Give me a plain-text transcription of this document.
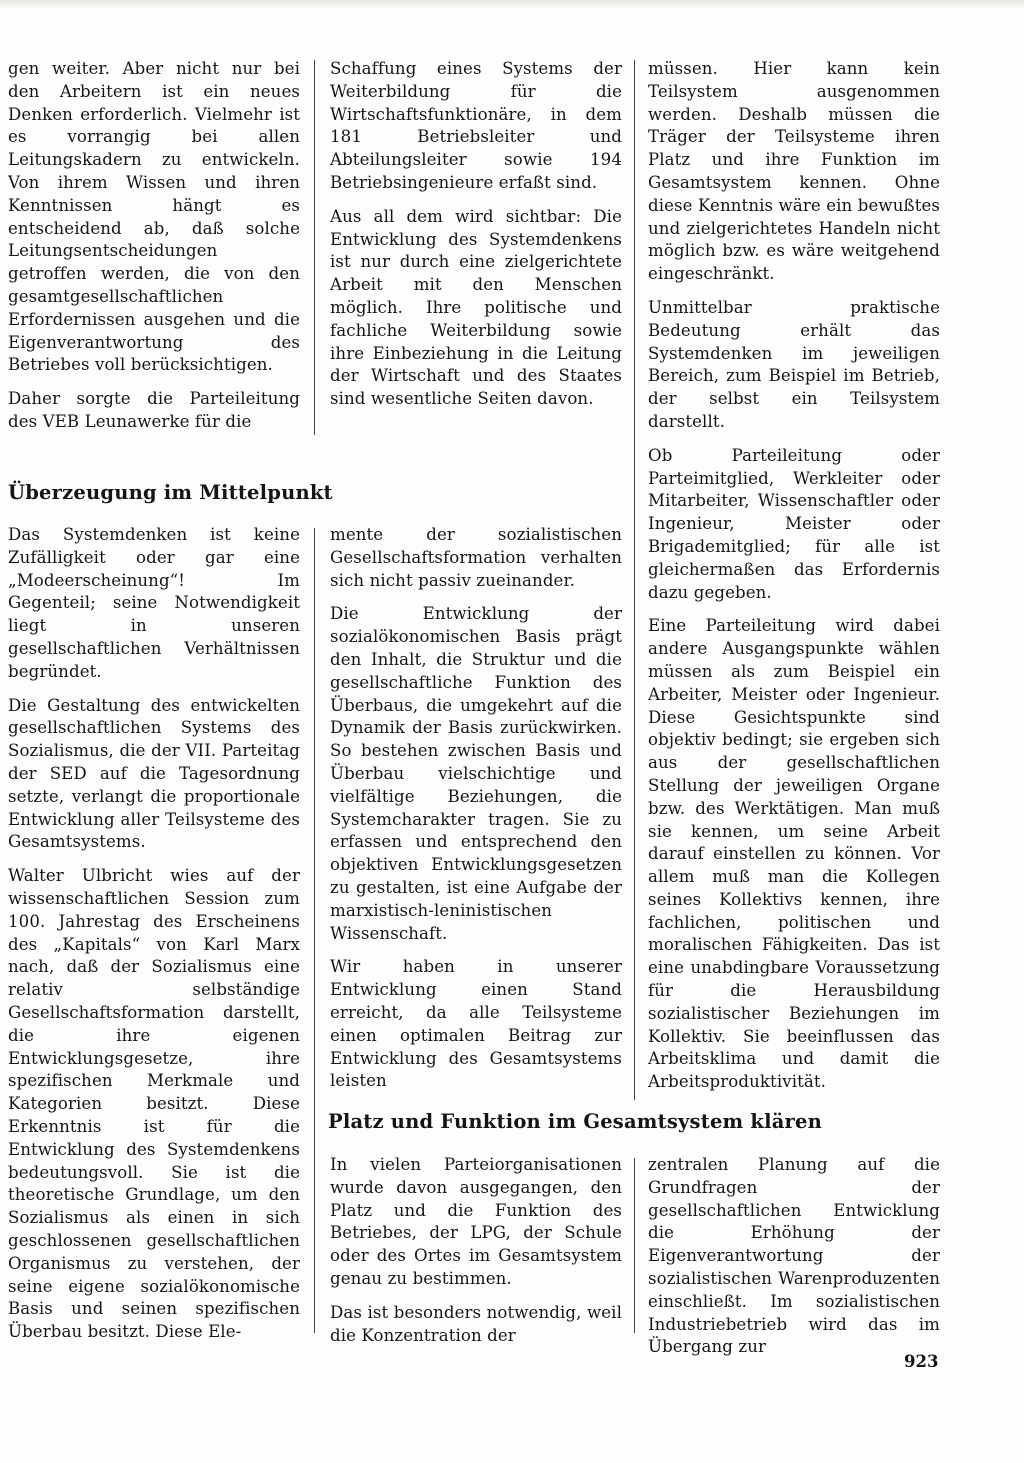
gen weiter. Aber nicht nur bei den Arbeitern ist ein neues Denken erforderlich. Vielmehr ist es vorrangig bei allen Leitungskadern zu entwickeln. Von ihrem Wissen und ihren Kenntnissen hängt es entscheidend ab, daß solche Leitungsentscheidungen getroffen werden, die von den gesamtgesellschaftlichen Erfordernissen ausgehen und die Eigenverantwortung des Betriebes voll berücksichtigen.

Daher sorgte die Parteileitung des VEB Leunawerke für die

Schaffung eines Systems der Weiterbildung für die Wirtschaftsfunktionäre, in dem 181 Betriebsleiter und Abteilungsleiter sowie 194 Betriebsingenieure erfaßt sind.

Aus all dem wird sichtbar: Die Entwicklung des Systemdenkens ist nur durch eine zielgerichtete Arbeit mit den Menschen möglich. Ihre politische und fachliche Weiterbildung sowie ihre Einbeziehung in die Leitung der Wirtschaft und des Staates sind wesentliche Seiten davon.

müssen. Hier kann kein Teilsystem ausgenommen werden. Deshalb müssen die Träger der Teilsysteme ihren Platz und ihre Funktion im Gesamtsystem kennen. Ohne diese Kenntnis wäre ein bewußtes und zielgerichtetes Handeln nicht möglich bzw. es wäre weitgehend eingeschränkt.

Unmittelbar praktische Bedeutung erhält das Systemdenken im jeweiligen Bereich, zum Beispiel im Betrieb, der selbst ein Teilsystem darstellt.

Ob Parteileitung oder Parteimitglied, Werkleiter oder Mitarbeiter, Wissenschaftler oder Ingenieur, Meister oder Brigademitglied; für alle ist gleichermaßen das Erfordernis dazu gegeben.

Eine Parteileitung wird dabei andere Ausgangspunkte wählen müssen als zum Beispiel ein Arbeiter, Meister oder Ingenieur. Diese Gesichtspunkte sind objektiv bedingt; sie ergeben sich aus der gesellschaftlichen Stellung der jeweiligen Organe bzw. des Werktätigen. Man muß sie kennen, um seine Arbeit darauf einstellen zu können. Vor allem muß man die Kollegen seines Kollektivs kennen, ihre fachlichen, politischen und moralischen Fähigkeiten. Das ist eine unabdingbare Voraussetzung für die Herausbildung sozialistischer Beziehungen im Kollektiv. Sie beeinflussen das Arbeitsklima und damit die Arbeitsproduktivität.

Überzeugung im Mittelpunkt

Das Systemdenken ist keine Zufälligkeit oder gar eine „Modeerscheinung“! Im Gegenteil; seine Notwendigkeit liegt in unseren gesellschaftlichen Verhältnissen begründet.

Die Gestaltung des entwickelten gesellschaftlichen Systems des Sozialismus, die der VII. Parteitag der SED auf die Tagesordnung setzte, verlangt die proportionale Entwicklung aller Teilsysteme des Gesamtsystems.

Walter Ulbricht wies auf der wissenschaftlichen Session zum 100. Jahrestag des Erscheinens des „Kapitals“ von Karl Marx nach, daß der Sozialismus eine relativ selbständige Gesellschaftsformation darstellt, die ihre eigenen Entwicklungsgesetze, ihre spezifischen Merkmale und Kategorien besitzt. Diese Erkenntnis ist für die Entwicklung des Systemdenkens bedeutungsvoll. Sie ist die theoretische Grundlage, um den Sozialismus als einen in sich geschlossenen gesellschaftlichen Organismus zu verstehen, der seine eigene sozialökonomische Basis und seinen spezifischen Überbau besitzt. Diese Ele-

mente der sozialistischen Gesellschaftsformation verhalten sich nicht passiv zueinander.

Die Entwicklung der sozialökonomischen Basis prägt den Inhalt, die Struktur und die gesellschaftliche Funktion des Überbaus, die umgekehrt auf die Dynamik der Basis zurückwirken. So bestehen zwischen Basis und Überbau vielschichtige und vielfältige Beziehungen, die Systemcharakter tragen. Sie zu erfassen und entsprechend den objektiven Entwicklungsgesetzen zu gestalten, ist eine Aufgabe der marxistisch-leninistischen Wissenschaft.

Wir haben in unserer Entwicklung einen Stand erreicht, da alle Teilsysteme einen optimalen Beitrag zur Entwicklung des Gesamtsystems leisten

Platz und Funktion im Gesamtsystem klären

In vielen Parteiorganisationen wurde davon ausgegangen, den Platz und die Funktion des Betriebes, der LPG, der Schule oder des Ortes im Gesamtsystem genau zu bestimmen.

Das ist besonders notwendig, weil die Konzentration der

zentralen Planung auf die Grundfragen der gesellschaftlichen Entwicklung die Erhöhung der Eigenverantwortung der sozialistischen Warenproduzenten einschließt. Im sozialistischen Industriebetrieb wird das im Übergang zur

923
